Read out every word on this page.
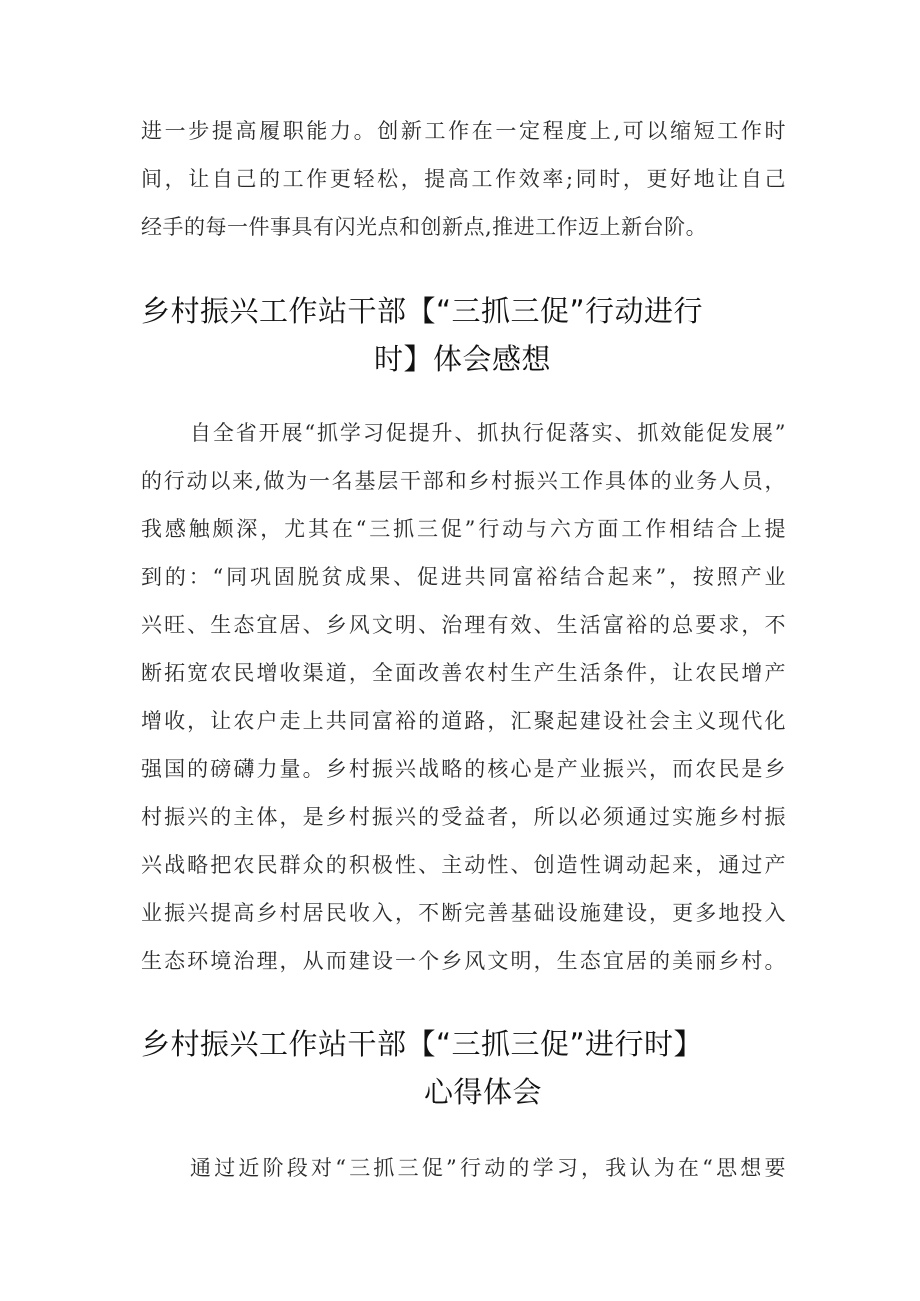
进一步提高履职能力。创新工作在一定程度上,可以缩短工作时
间，让自己的工作更轻松，提高工作效率;同时，更好地让自己
经手的每一件事具有闪光点和创新点,推进工作迈上新台阶。
乡村振兴工作站干部【“三抓三促”行动进行
时】体会感想
自全省开展“抓学习促提升、抓执行促落实、抓效能促发展”
的行动以来,做为一名基层干部和乡村振兴工作具体的业务人员，
我感触颇深，尤其在“三抓三促”行动与六方面工作相结合上提
到的：“同巩固脱贫成果、促进共同富裕结合起来”，按照产业
兴旺、生态宜居、乡风文明、治理有效、生活富裕的总要求，不
断拓宽农民增收渠道，全面改善农村生产生活条件，让农民增产
增收，让农户走上共同富裕的道路，汇聚起建设社会主义现代化
强国的磅礴力量。乡村振兴战略的核心是产业振兴，而农民是乡
村振兴的主体，是乡村振兴的受益者，所以必须通过实施乡村振
兴战略把农民群众的积极性、主动性、创造性调动起来，通过产
业振兴提高乡村居民收入，不断完善基础设施建设，更多地投入
生态环境治理，从而建设一个乡风文明，生态宜居的美丽乡村。
乡村振兴工作站干部【“三抓三促”进行时】
心得体会
通过近阶段对“三抓三促”行动的学习，我认为在“思想要
